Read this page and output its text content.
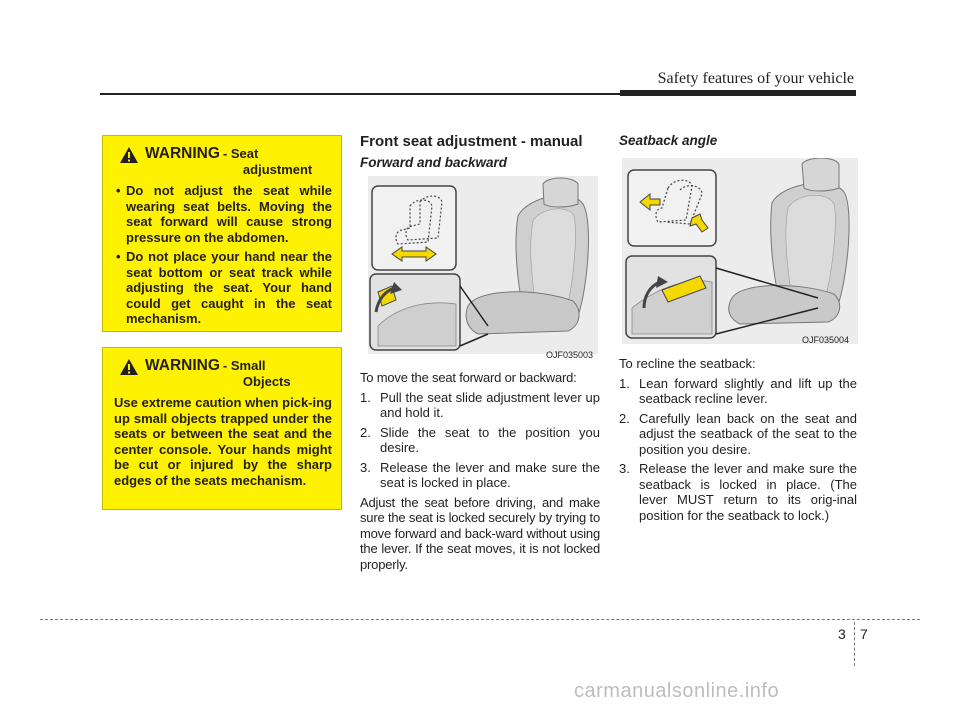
Safety features of your vehicle
WARNING - Seat
adjustment
• Do not adjust the seat while wearing seat belts. Moving the seat forward will cause strong pressure on the abdomen.
• Do not place your hand near the seat bottom or seat track while adjusting the seat. Your hand could get caught in the seat mechanism.
WARNING - Small
Objects

Use extreme caution when pick-ing up small objects trapped under the seats or between the seat and the center console. Your hands might be cut or injured by the sharp edges of the seats mechanism.

Front seat adjustment - manual
Forward and backward
Seatback angle
OJF035003
OJF035004
To move the seat forward or backward:
1. Pull the seat slide adjustment lever up and hold it.
2. Slide the seat to the position you desire.
3. Release the lever and make sure the seat is locked in place.
Adjust the seat before driving, and make sure the seat is locked securely by trying to move forward and back-ward without using the lever. If the seat moves, it is not locked properly.
To recline the seatback:
1. Lean forward slightly and lift up the seatback recline lever.
2. Carefully lean back on the seat and adjust the seatback of the seat to the position you desire.
3. Release the lever and make sure the seatback is locked in place. (The lever MUST return to its orig-inal position for the seatback to lock.)
3 7
carmanualsonline.info
